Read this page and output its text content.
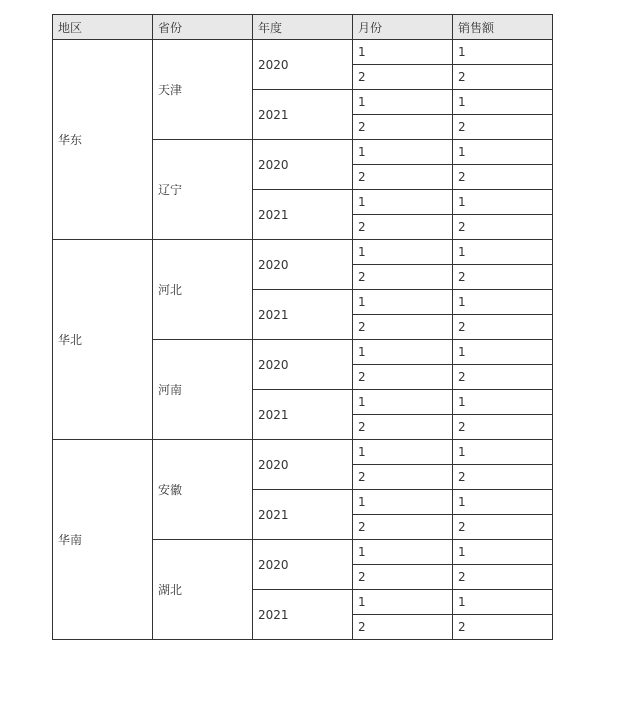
地区	省份	年度	月份	销售额
华东	天津	2020	1	1
			2	2
		2021	1	1
			2	2
	辽宁	2020	1	1
			2	2
		2021	1	1
			2	2
华北	河北	2020	1	1
			2	2
		2021	1	1
			2	2
	河南	2020	1	1
			2	2
		2021	1	1
			2	2
华南	安徽	2020	1	1
			2	2
		2021	1	1
			2	2
	湖北	2020	1	1
			2	2
		2021	1	1
			2	2
